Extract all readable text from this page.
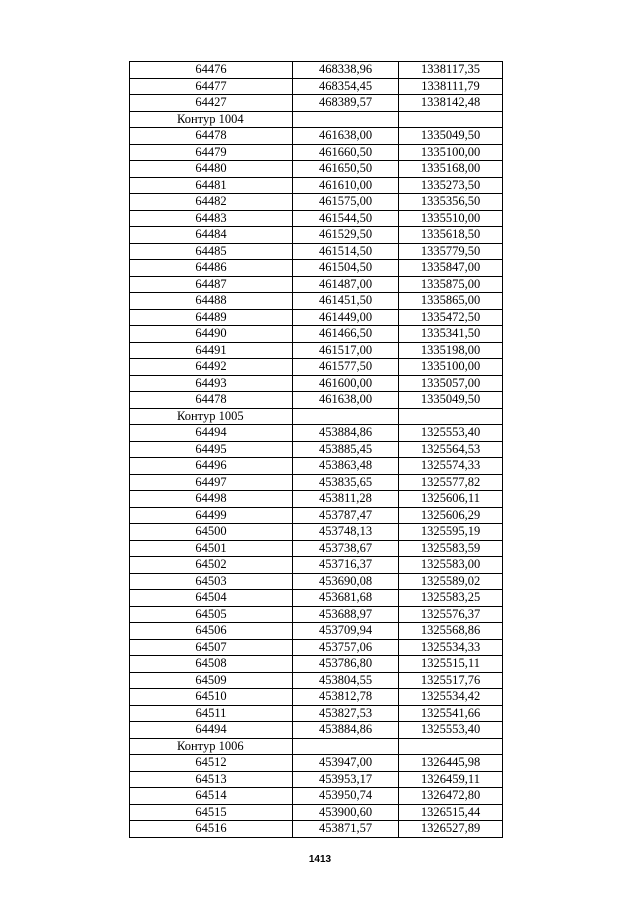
64476	468338,96	1338117,35
64477	468354,45	1338111,79
64427	468389,57	1338142,48
Контур 1004		
64478	461638,00	1335049,50
64479	461660,50	1335100,00
64480	461650,50	1335168,00
64481	461610,00	1335273,50
64482	461575,00	1335356,50
64483	461544,50	1335510,00
64484	461529,50	1335618,50
64485	461514,50	1335779,50
64486	461504,50	1335847,00
64487	461487,00	1335875,00
64488	461451,50	1335865,00
64489	461449,00	1335472,50
64490	461466,50	1335341,50
64491	461517,00	1335198,00
64492	461577,50	1335100,00
64493	461600,00	1335057,00
64478	461638,00	1335049,50
Контур 1005		
64494	453884,86	1325553,40
64495	453885,45	1325564,53
64496	453863,48	1325574,33
64497	453835,65	1325577,82
64498	453811,28	1325606,11
64499	453787,47	1325606,29
64500	453748,13	1325595,19
64501	453738,67	1325583,59
64502	453716,37	1325583,00
64503	453690,08	1325589,02
64504	453681,68	1325583,25
64505	453688,97	1325576,37
64506	453709,94	1325568,86
64507	453757,06	1325534,33
64508	453786,80	1325515,11
64509	453804,55	1325517,76
64510	453812,78	1325534,42
64511	453827,53	1325541,66
64494	453884,86	1325553,40
Контур 1006		
64512	453947,00	1326445,98
64513	453953,17	1326459,11
64514	453950,74	1326472,80
64515	453900,60	1326515,44
64516	453871,57	1326527,89
1413
